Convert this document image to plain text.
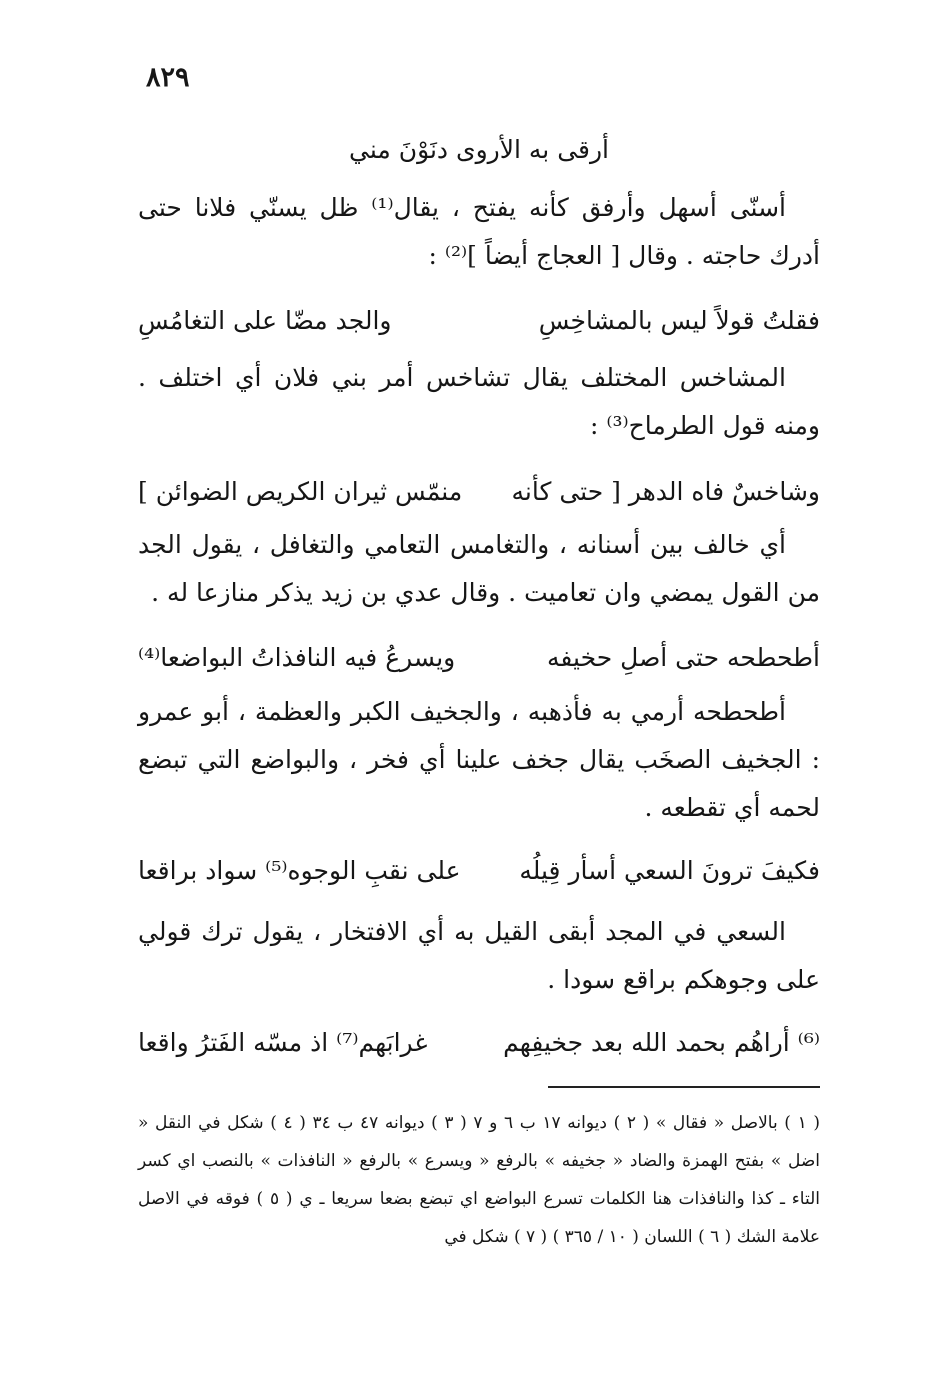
٨٢٩

أرقى به الأروى دنَوْنَ مني

أسنّى أسهل وأرفق كأنه يفتح ، يقال⁽¹⁾ ظل يسنّي فلانا حتى أدرك حاجته . وقال [ العجاج أيضاً ]⁽²⁾ :

فقلتُ قولاً ليس بالمشاخِسِ
والجد مضّا على التغامُسِ

المشاخس المختلف يقال تشاخس أمر بني فلان أي اختلف . ومنه قول الطرماح⁽³⁾ :

وشاخسٌ فاه الدهر [ حتى كأنه
منمّس ثيران الكريص الضوائن ]

أي خالف بين أسنانه ، والتغامس التعامي والتغافل ، يقول الجد من القول يمضي وان تعاميت . وقال عدي بن زيد يذكر منازعا له .

أطحطحه حتى أصلِ حخيفه
ويسرعُ فيه النافذاتُ البواضعا⁽⁴⁾

أطحطحه أرمي به فأذهبه ، والجخيف الكبر والعظمة ، أبو عمرو : الجخيف الصخَب يقال جخف علينا أي فخر ، والبواضع التي تبضع لحمه أي تقطعه .

فكيفَ ترونَ السعي أسأر قِيلُه
على نقبِ الوجوه⁽⁵⁾ سواد براقعا

السعي في المجد أبقى القيل به أي الافتخار ، يقول ترك قولي على وجوهكم براقع سودا .

⁽⁶⁾ أراهُم بحمد الله بعد جخيفِهم
غرابَهم⁽⁷⁾ اذ مسّه الفَترُ واقعا

( ١ ) بالاصل « فقال » ( ٢ ) ديوانه ١٧ ب ٦ و ٧ ( ٣ ) ديوانه ٤٧ ب ٣٤ ( ٤ ) شكل في النقل « اضل » بفتح الهمزة والضاد « جخيفه » بالرفع « ويسرع » بالرفع « النافذات » بالنصب اي كسر التاء ـ كذا والنافذات هنا الكلمات تسرع البواضع اي تبضع بضعا سريعا ـ ي ( ٥ ) فوقه في الاصل علامة الشك ( ٦ ) اللسان ( ١٠ / ٣٦٥ ) ( ٧ ) شكل في
